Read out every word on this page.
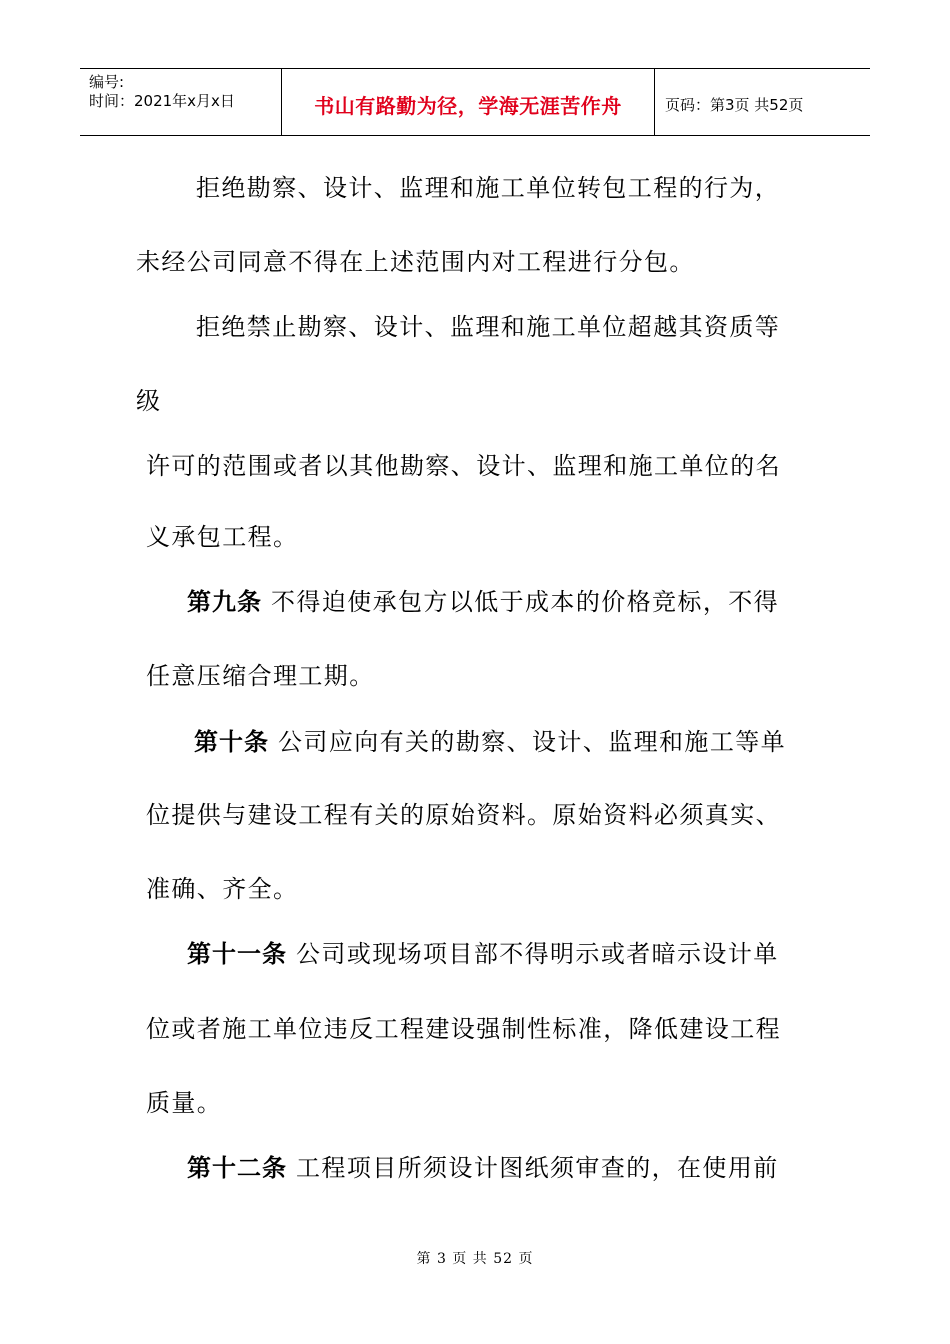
编号:
时间：2021年x月x日	书山有路勤为径，学海无涯苦作舟	页码：第3页 共52页
拒绝勘察、设计、监理和施工单位转包工程的行为，
未经公司同意不得在上述范围内对工程进行分包。
拒绝禁止勘察、设计、监理和施工单位超越其资质等
级
许可的范围或者以其他勘察、设计、监理和施工单位的名
义承包工程。
第九条 不得迫使承包方以低于成本的价格竞标，不得
任意压缩合理工期。
第十条 公司应向有关的勘察、设计、监理和施工等单
位提供与建设工程有关的原始资料。原始资料必须真实、
准确、齐全。
第十一条 公司或现场项目部不得明示或者暗示设计单
位或者施工单位违反工程建设强制性标准，降低建设工程
质量。
第十二条 工程项目所须设计图纸须审查的，在使用前
第 3 页 共 52 页
